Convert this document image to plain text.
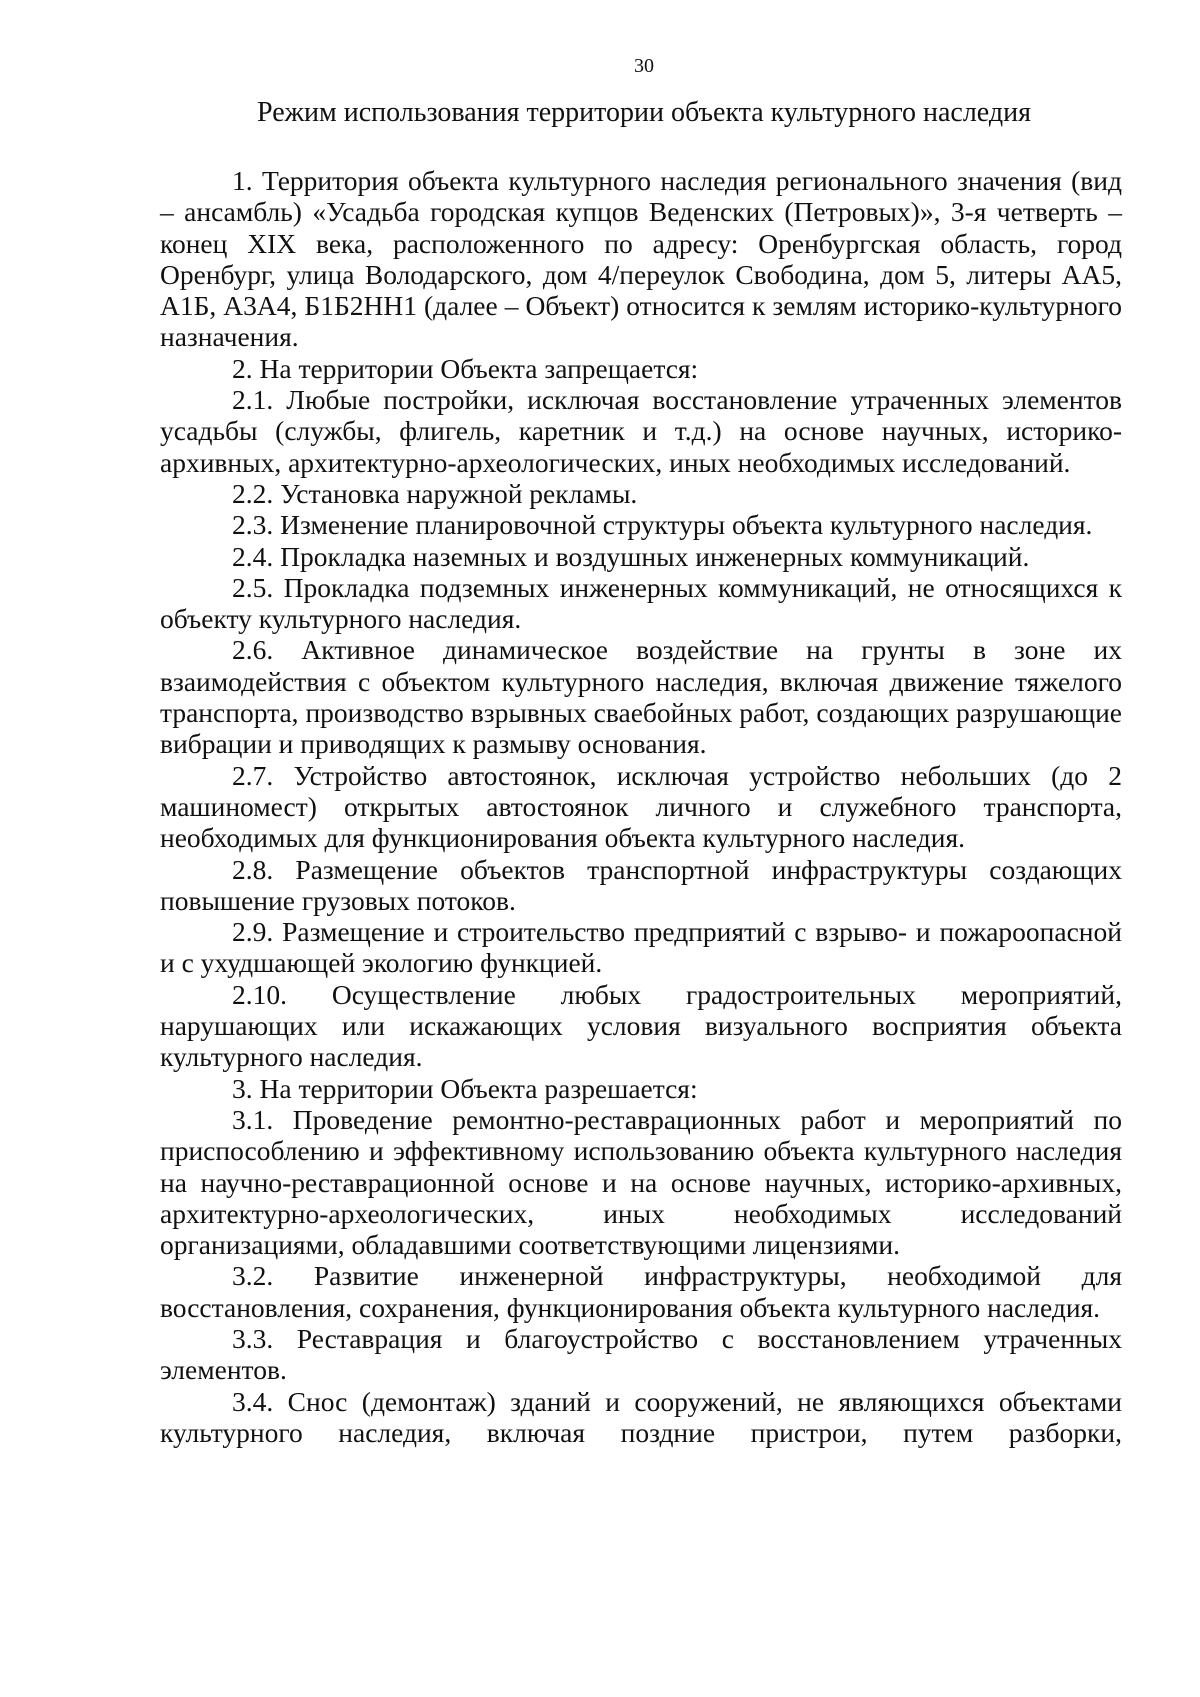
30
Режим использования территории объекта культурного наследия

1. Территория объекта культурного наследия регионального значения (вид – ансамбль) «Усадьба городская купцов Веденских (Петровых)», 3-я четверть – конец XIX века, расположенного по адресу: Оренбургская область, город Оренбург, улица Володарского, дом 4/переулок Свободина, дом 5, литеры АА5, А1Б, А3А4, Б1Б2НН1 (далее – Объект) относится к землям историко-культурного назначения.

2. На территории Объекта запрещается:

2.1. Любые постройки, исключая восстановление утраченных элементов усадьбы (службы, флигель, каретник и т.д.) на основе научных, историко- архивных, архитектурно-археологических, иных необходимых исследований.

2.2. Установка наружной рекламы.

2.3. Изменение планировочной структуры объекта культурного наследия.

2.4. Прокладка наземных и воздушных инженерных коммуникаций.

2.5. Прокладка подземных инженерных коммуникаций, не относящихся к объекту культурного наследия.

2.6. Активное динамическое воздействие на грунты в зоне их взаимодействия с объектом культурного наследия, включая движение тяжелого транспорта, производство взрывных сваебойных работ, создающих разрушающие вибрации и приводящих к размыву основания.

2.7. Устройство автостоянок, исключая устройство небольших (до 2 машиномест) открытых автостоянок личного и служебного транспорта, необходимых для функционирования объекта культурного наследия.

2.8. Размещение объектов транспортной инфраструктуры создающих повышение грузовых потоков.

2.9. Размещение и строительство предприятий с взрыво- и пожароопасной и с ухудшающей экологию функцией.

2.10. Осуществление любых градостроительных мероприятий, нарушающих или искажающих условия визуального восприятия объекта культурного наследия.

3. На территории Объекта разрешается:

3.1. Проведение ремонтно-реставрационных работ и мероприятий по приспособлению и эффективному использованию объекта культурного наследия на научно-реставрационной основе и на основе научных, историко-архивных, архитектурно-археологических, иных необходимых исследований организациями, обладавшими соответствующими лицензиями.

3.2. Развитие инженерной инфраструктуры, необходимой для восстановления, сохранения, функционирования объекта культурного наследия.

3.3. Реставрация и благоустройство с восстановлением утраченных элементов.

3.4. Снос (демонтаж) зданий и сооружений, не являющихся объектами культурного наследия, включая поздние пристрои, путем разборки,
